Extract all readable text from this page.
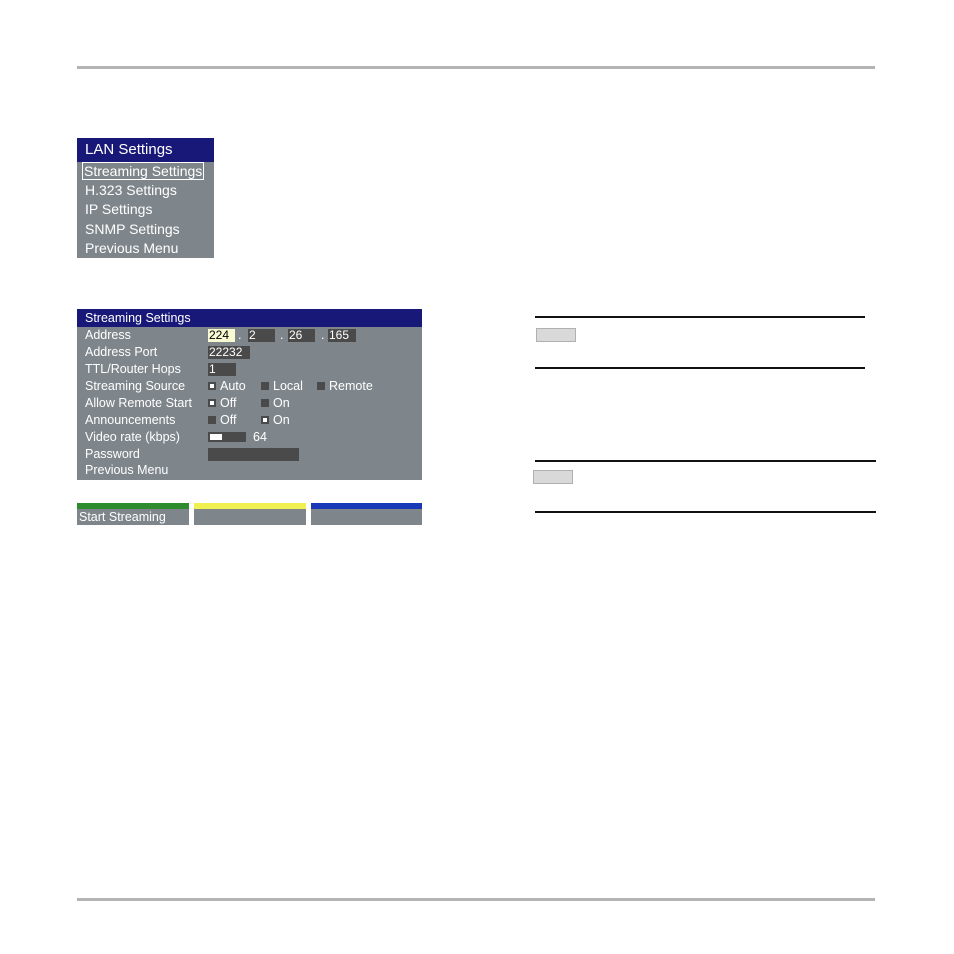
LAN Settings
Streaming Settings
H.323 Settings
IP Settings
SNMP Settings
Previous Menu
Streaming Settings
Address	224 . 2	. 26	. 165
Address Port	22232
TTL/Router Hops 1
Streaming Source	Auto Local Remote
Allow Remote Start Off	On
Announcements	Off	On
Video rate (kbps)	64
Password
Previous Menu
Start Streaming
